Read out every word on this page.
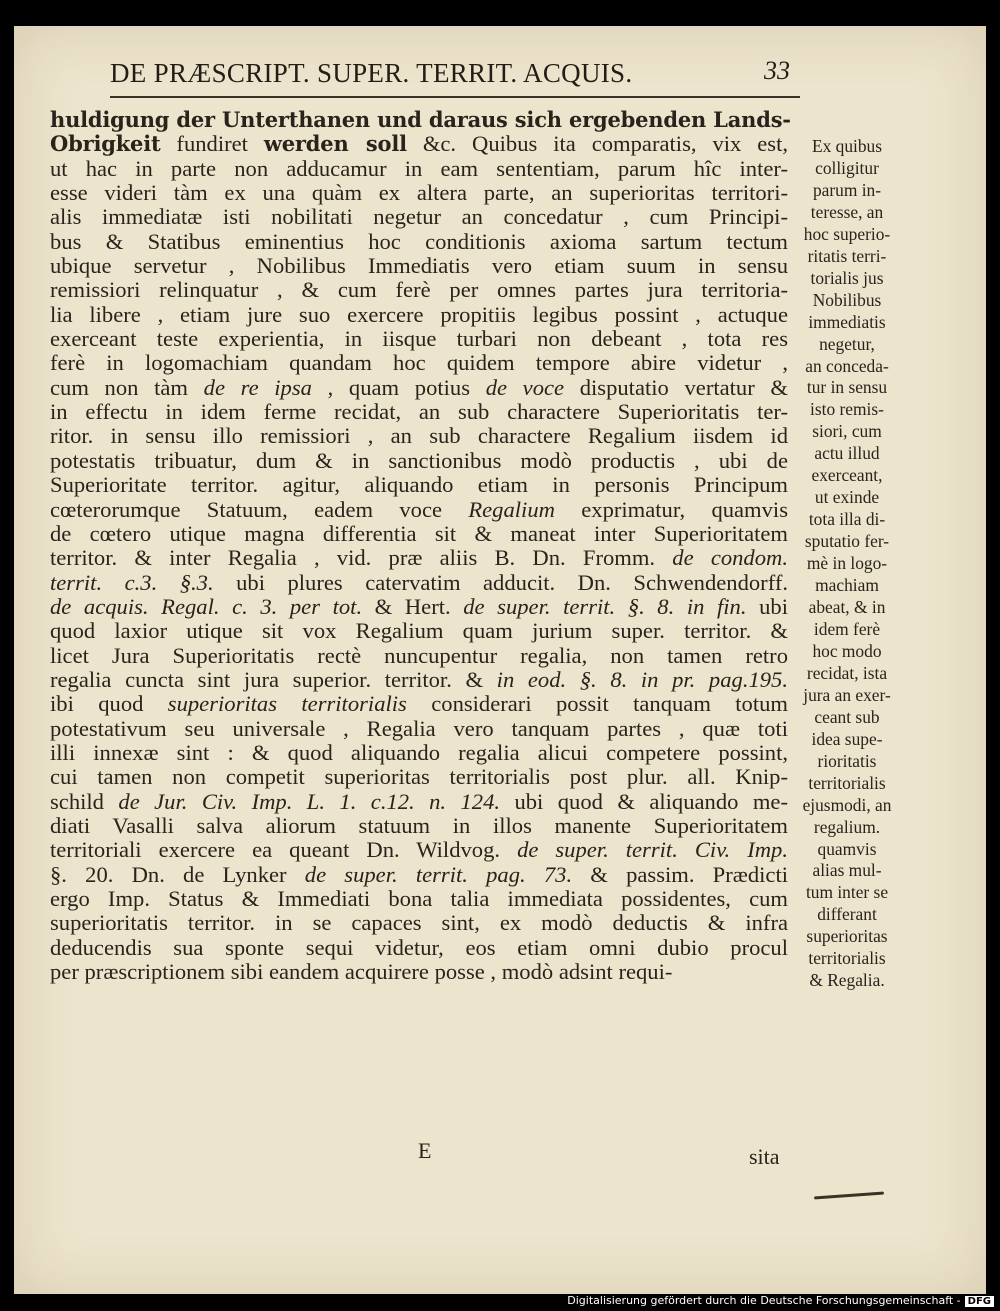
DE PRÆSCRIPT. SUPER. TERRIT. ACQUIS.	33
huldigung der Unterthanen und daraus sich ergebenden Lands-
Obrigkeit fundiret werden soll &c. Quibus ita comparatis, vix est,
ut hac in parte non adducamur in eam sententiam, parum hîc inter-
esse videri tàm ex una quàm ex altera parte, an superioritas territori-
alis immediatæ isti nobilitati negetur an concedatur , cum Principi-
bus & Statibus eminentius hoc conditionis axioma sartum tectum
ubique servetur , Nobilibus Immediatis vero etiam suum in sensu
remissiori relinquatur , & cum ferè per omnes partes jura territoria-
lia libere , etiam jure suo exercere propitiis legibus possint , actuque
exerceant teste experientia, in iisque turbari non debeant , tota res
ferè in logomachiam quandam hoc quidem tempore abire videtur ,
cum non tàm de re ipsa , quam potius de voce disputatio vertatur &
in effectu in idem ferme recidat, an sub charactere Superioritatis ter-
ritor. in sensu illo remissiori , an sub charactere Regalium iisdem id
potestatis tribuatur, dum & in sanctionibus modò productis , ubi de
Superioritate territor. agitur, aliquando etiam in personis Principum
cœterorumque Statuum, eadem voce Regalium exprimatur, quamvis
de cœtero utique magna differentia sit & maneat inter Superioritatem
territor. & inter Regalia , vid. præ aliis B. Dn. Fromm. de condom.
territ. c.3. §.3. ubi plures catervatim adducit. Dn. Schwendendorff.
de acquis. Regal. c. 3. per tot. & Hert. de super. territ. §. 8. in fin. ubi
quod laxior utique sit vox Regalium quam jurium super. territor. &
licet Jura Superioritatis rectè nuncupentur regalia, non tamen retro
regalia cuncta sint jura superior. territor. & in eod. §. 8. in pr. pag.195.
ibi quod superioritas territorialis considerari possit tanquam totum
potestativum seu universale , Regalia vero tanquam partes , quæ toti
illi innexæ sint : & quod aliquando regalia alicui competere possint,
cui tamen non competit superioritas territorialis post plur. all. Knip-
schild de Jur. Civ. Imp. L. 1. c.12. n. 124. ubi quod & aliquando me-
diati Vasalli salva aliorum statuum in illos manente Superioritatem
territoriali exercere ea queant Dn. Wildvog. de super. territ. Civ. Imp.
§. 20. Dn. de Lynker de super. territ. pag. 73. & passim. Prædicti
ergo Imp. Status & Immediati bona talia immediata possidentes, cum
superioritatis territor. in se capaces sint, ex modò deductis & infra
deducendis sua sponte sequi videtur, eos etiam omni dubio procul
per præscriptionem sibi eandem acquirere posse , modò adsint requi-
Ex quibus
colligitur
parum in-
teresse, an
hoc superio-
ritatis terri-
torialis jus
Nobilibus
immediatis
negetur,
an conceda-
tur in sensu
isto remis-
siori, cum
actu illud
exerceant,
ut exinde
tota illa di-
sputatio fer-
mè in logo-
machiam
abeat, & in
idem ferè
hoc modo
recidat, ista
jura an exer-
ceant sub
idea supe-
rioritatis
territorialis
ejusmodi, an
regalium.
quamvis
alias mul-
tum inter se
differant
superioritas
territorialis
& Regalia.
E	sita
Digitalisierung gefördert durch die Deutsche Forschungsgemeinschaft - DFG
